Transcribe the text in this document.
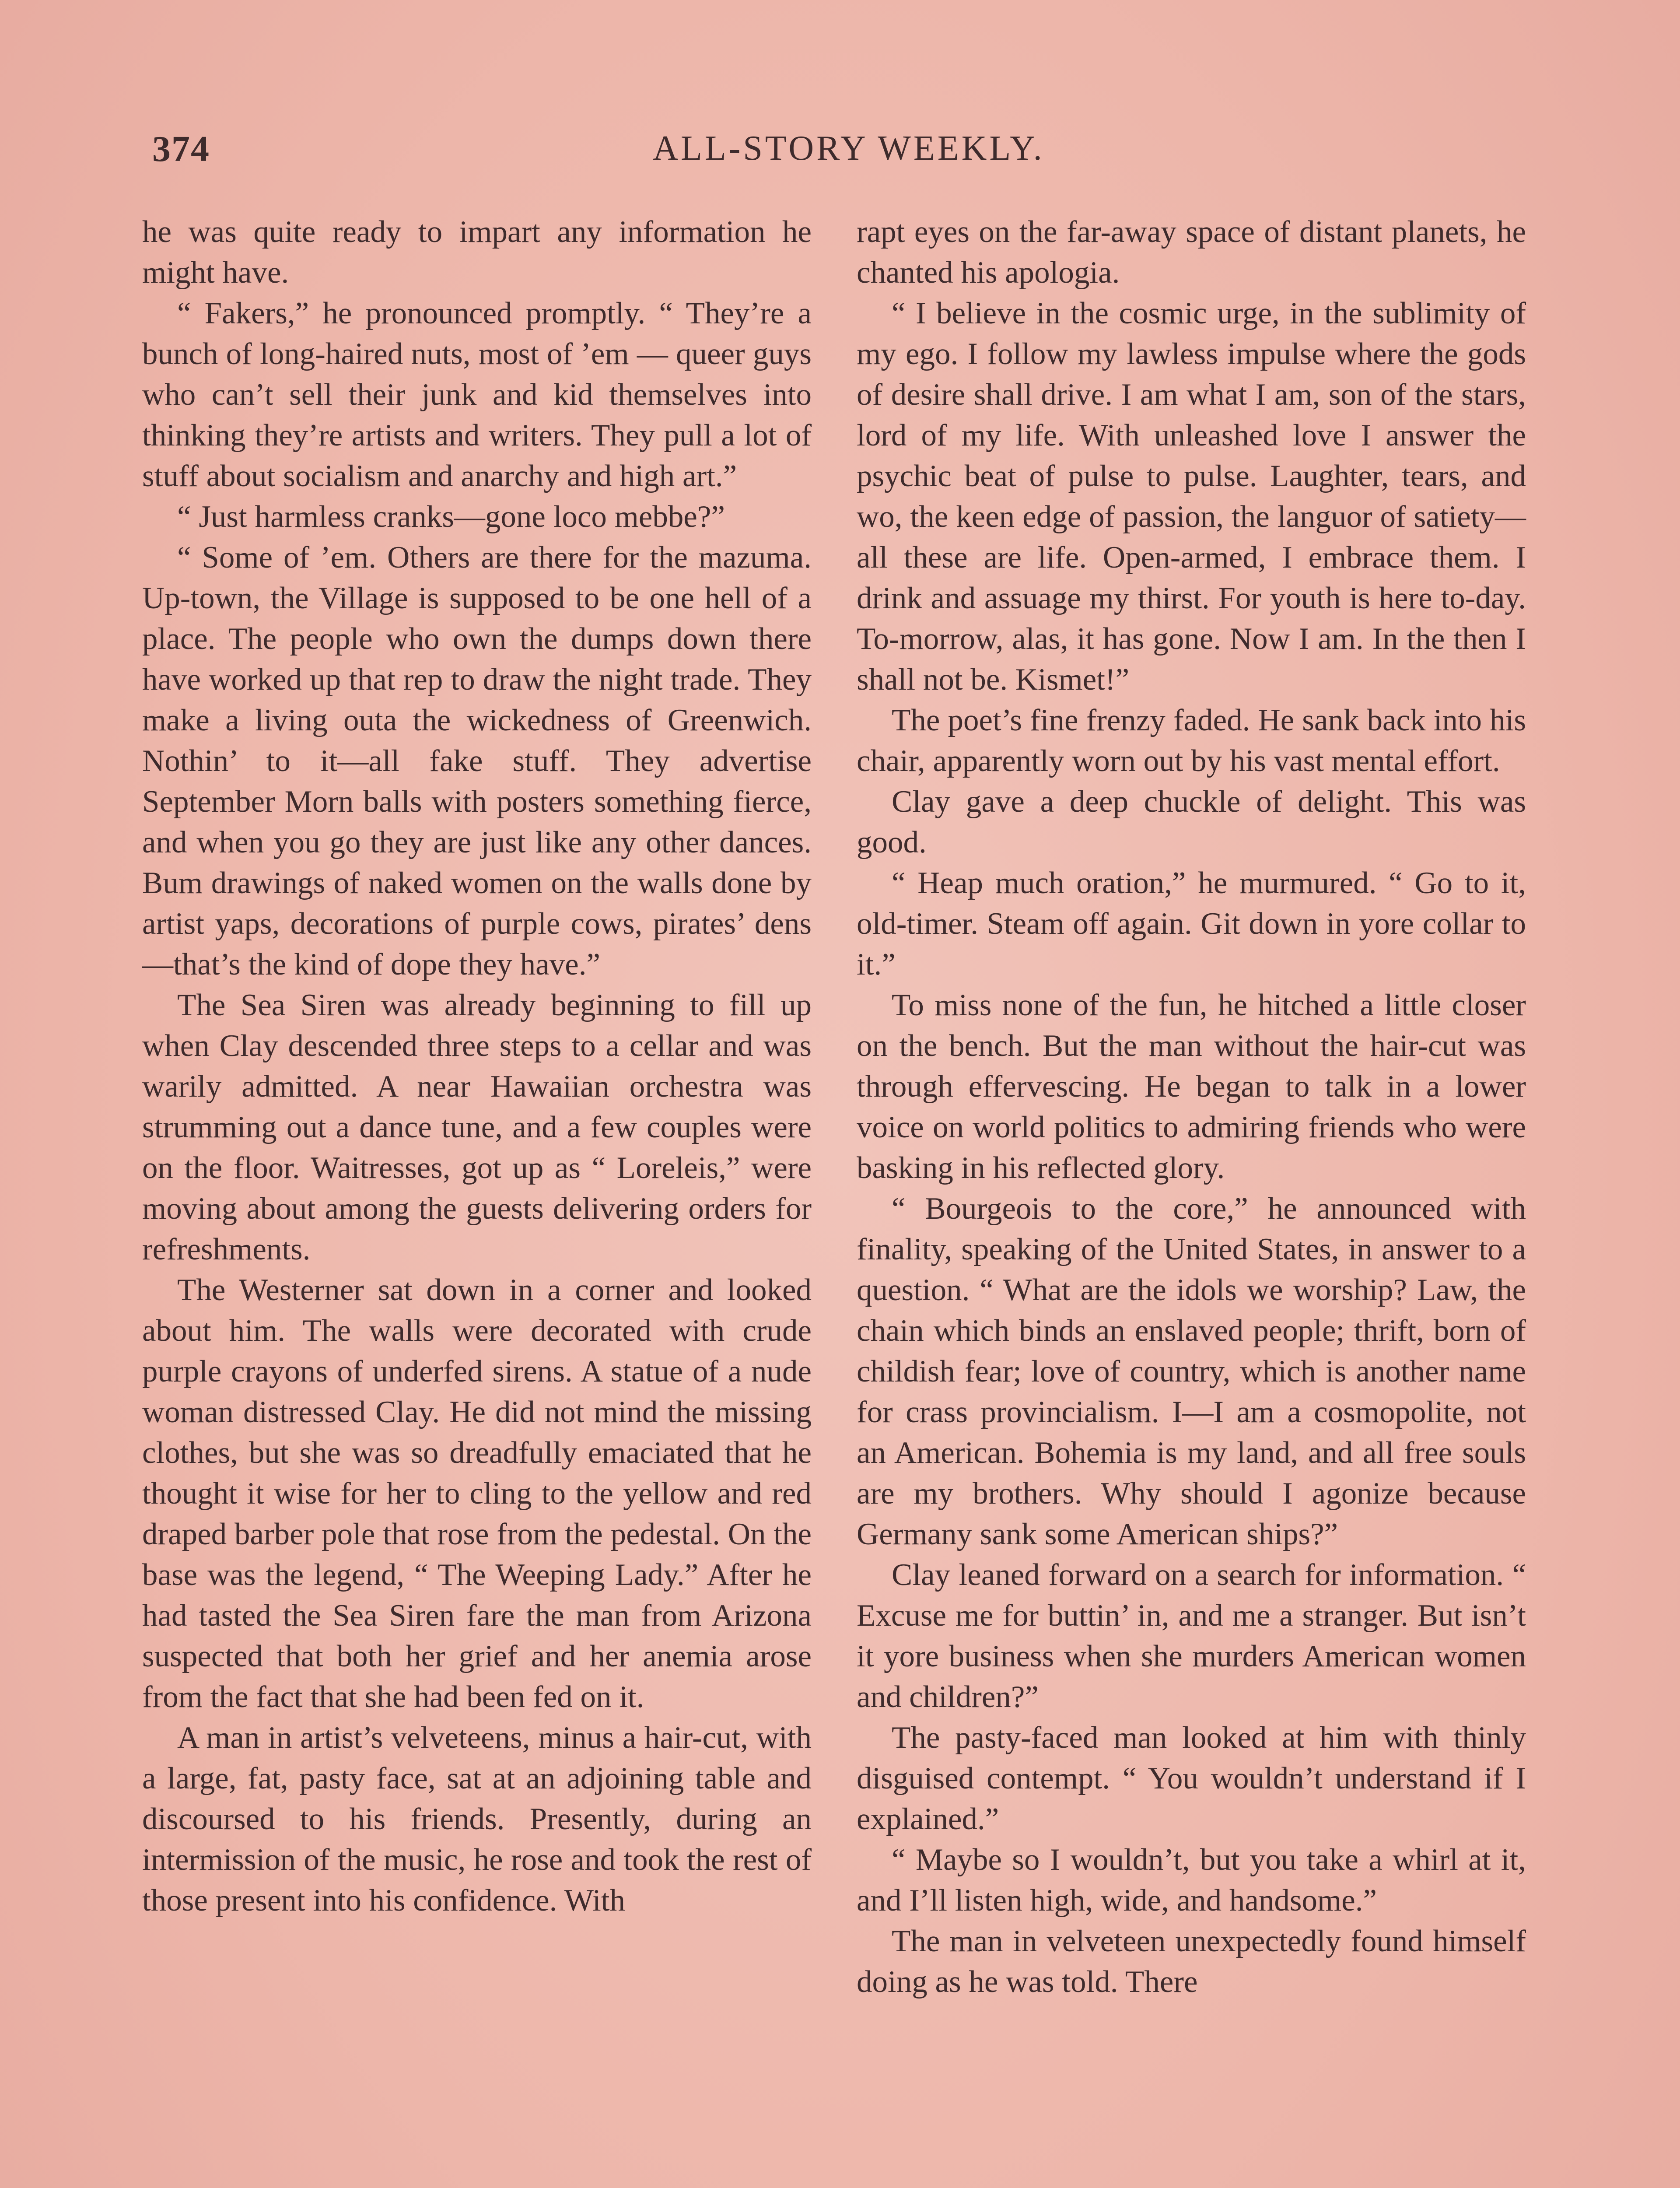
374	ALL-STORY WEEKLY.

he was quite ready to impart any information he might have.

“ Fakers,” he pronounced promptly. “ They’re a bunch of long-haired nuts, most of ’em — queer guys who can’t sell their junk and kid themselves into thinking they’re artists and writers. They pull a lot of stuff about socialism and anarchy and high art.”

“ Just harmless cranks—gone loco mebbe?”

“ Some of ’em. Others are there for the mazuma. Up-town, the Village is supposed to be one hell of a place. The people who own the dumps down there have worked up that rep to draw the night trade. They make a living outa the wickedness of Greenwich. Nothin’ to it—all fake stuff. They advertise September Morn balls with posters something fierce, and when you go they are just like any other dances. Bum drawings of naked women on the walls done by artist yaps, decorations of purple cows, pirates’ dens—that’s the kind of dope they have.”

The Sea Siren was already beginning to fill up when Clay descended three steps to a cellar and was warily admitted. A near Hawaiian orchestra was strumming out a dance tune, and a few couples were on the floor. Waitresses, got up as “ Loreleis,” were moving about among the guests delivering orders for refreshments.

The Westerner sat down in a corner and looked about him. The walls were decorated with crude purple crayons of underfed sirens. A statue of a nude woman distressed Clay. He did not mind the missing clothes, but she was so dreadfully emaciated that he thought it wise for her to cling to the yellow and red draped barber pole that rose from the pedestal. On the base was the legend, “ The Weeping Lady.” After he had tasted the Sea Siren fare the man from Arizona suspected that both her grief and her anemia arose from the fact that she had been fed on it.

A man in artist’s velveteens, minus a hair-cut, with a large, fat, pasty face, sat at an adjoining table and discoursed to his friends. Presently, during an intermission of the music, he rose and took the rest of those present into his confidence. With

rapt eyes on the far-away space of distant planets, he chanted his apologia.

“ I believe in the cosmic urge, in the sublimity of my ego. I follow my lawless impulse where the gods of desire shall drive. I am what I am, son of the stars, lord of my life. With unleashed love I answer the psychic beat of pulse to pulse. Laughter, tears, and wo, the keen edge of passion, the languor of satiety—all these are life. Open-armed, I embrace them. I drink and assuage my thirst. For youth is here to-day. To-morrow, alas, it has gone. Now I am. In the then I shall not be. Kismet!”

The poet’s fine frenzy faded. He sank back into his chair, apparently worn out by his vast mental effort.

Clay gave a deep chuckle of delight. This was good.

“ Heap much oration,” he murmured. “ Go to it, old-timer. Steam off again. Git down in yore collar to it.”

To miss none of the fun, he hitched a little closer on the bench. But the man without the hair-cut was through effervescing. He began to talk in a lower voice on world politics to admiring friends who were basking in his reflected glory.

“ Bourgeois to the core,” he announced with finality, speaking of the United States, in answer to a question. “ What are the idols we worship? Law, the chain which binds an enslaved people; thrift, born of childish fear; love of country, which is another name for crass provincialism. I—I am a cosmopolite, not an American. Bohemia is my land, and all free souls are my brothers. Why should I agonize because Germany sank some American ships?”

Clay leaned forward on a search for information. “ Excuse me for buttin’ in, and me a stranger. But isn’t it yore business when she murders American women and children?”

The pasty-faced man looked at him with thinly disguised contempt. “ You wouldn’t understand if I explained.”

“ Maybe so I wouldn’t, but you take a whirl at it, and I’ll listen high, wide, and handsome.”

The man in velveteen unexpectedly found himself doing as he was told. There
